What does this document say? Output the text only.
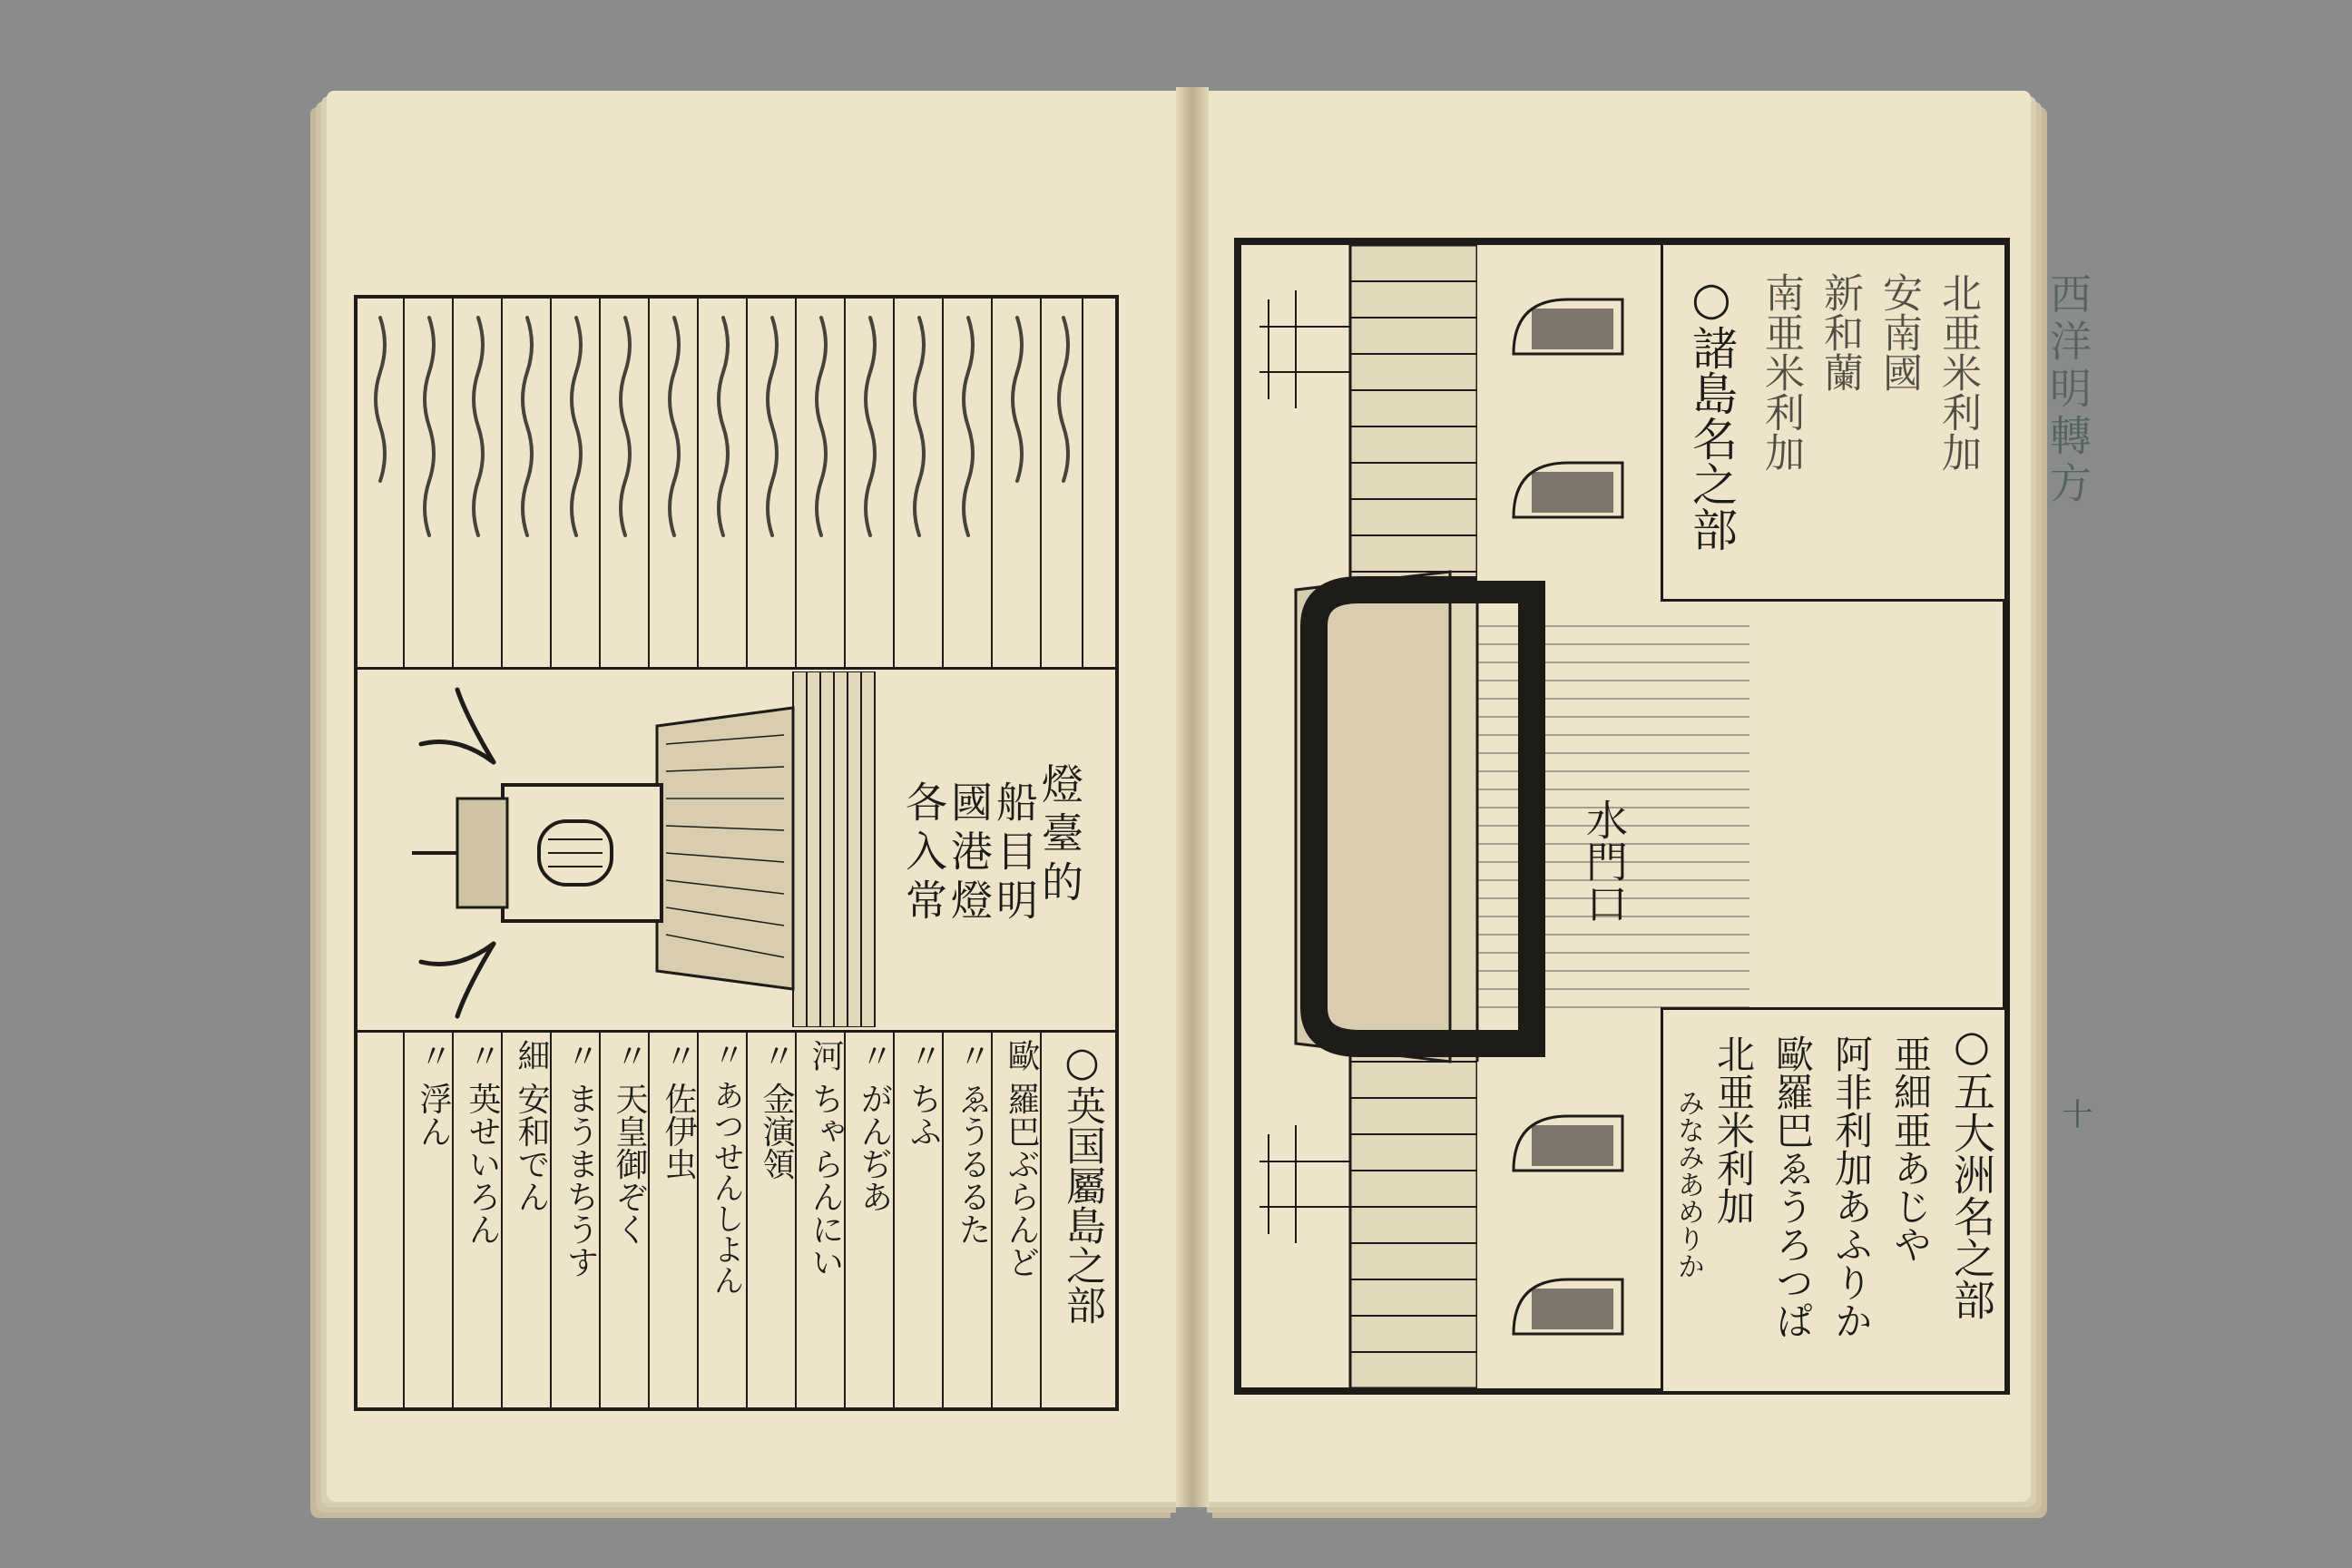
西洋明轉方
十
○諸島名之部 南亜米利加 新和蘭 安南國 北亜米利加
○五大洲名之部
亜細亜あじや
阿非利加あふりか
歐羅巴ゑうろつぱ
北亜米利加
みなみあめりか
水門口
燈臺的
船目明
國港燈
各入常
○英国屬島之部
歐 羅巴ぶらんど
〃 ゑうるるた
〃 ちふ
〃 がんぢあ
河 ちゃらんにい
〃 金演領
〃 あつせんしよん
〃 佐伊虫
〃 天皇御ぞく
〃 まうまちうす
細 安和でん
〃 英せいろん
〃 浮ん
